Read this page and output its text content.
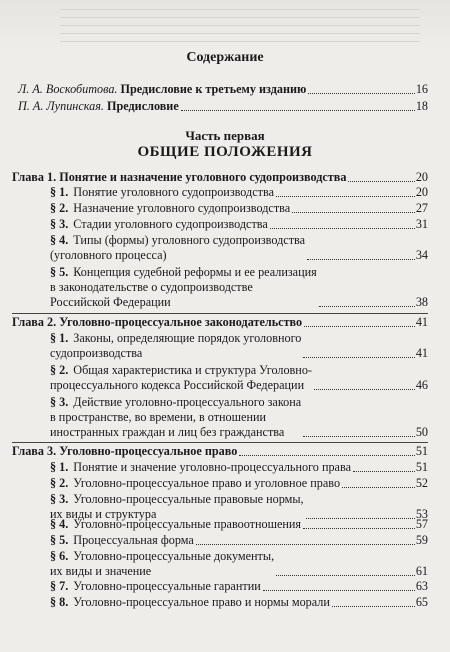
Содержание
Л. А. Воскобитова. Предисловие к третьему изданию	16
П. А. Лупинская. Предисловие	18
Часть первая
ОБЩИЕ ПОЛОЖЕНИЯ
Глава 1. Понятие и назначение уголовного судопроизводства	20
§ 1. Понятие уголовного судопроизводства	20
§ 2. Назначение уголовного судопроизводства	27
§ 3. Стадии уголовного судопроизводства	31
§ 4. Типы (формы) уголовного судопроизводства
(уголовного процесса)	34
§ 5. Концепция судебной реформы и ее реализация
в законодательстве о судопроизводстве
Российской Федерации	38
Глава 2. Уголовно-процессуальное законодательство	41
§ 1. Законы, определяющие порядок уголовного
судопроизводства	41
§ 2. Общая характеристика и структура Уголовно-
процессуального кодекса Российской Федерации	46
§ 3. Действие уголовно-процессуального закона
в пространстве, во времени, в отношении
иностранных граждан и лиц без гражданства	50
Глава 3. Уголовно-процессуальное право	51
§ 1. Понятие и значение уголовно-процессуального права	51
§ 2. Уголовно-процессуальное право и уголовное право	52
§ 3. Уголовно-процессуальные правовые нормы,
их виды и структура	53
§ 4. Уголовно-процессуальные правоотношения	57
§ 5. Процессуальная форма	59
§ 6. Уголовно-процессуальные документы,
их виды и значение	61
§ 7. Уголовно-процессуальные гарантии	63
§ 8. Уголовно-процессуальное право и нормы морали	65
